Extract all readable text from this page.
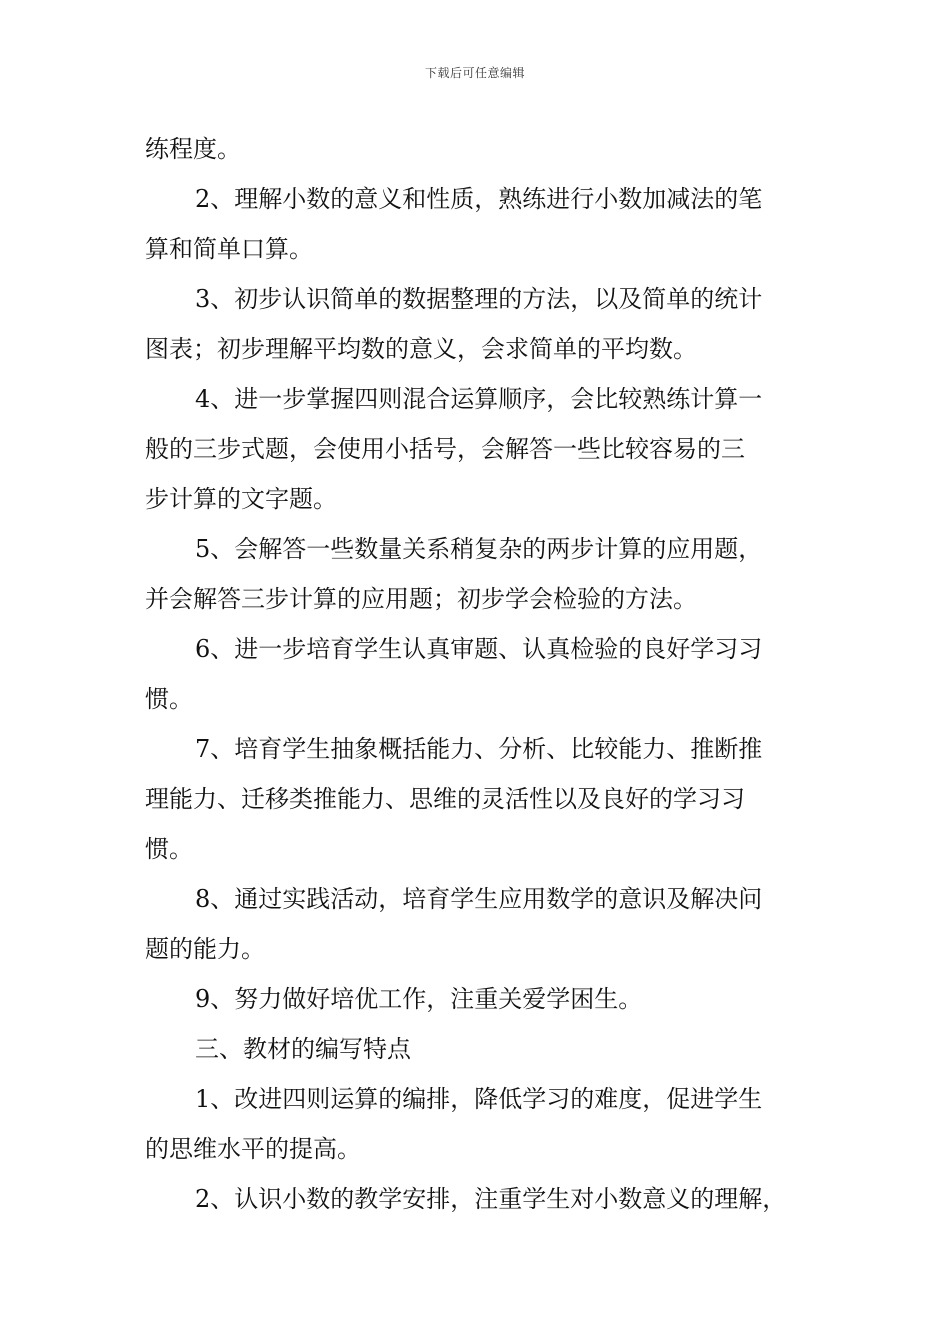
下载后可任意编辑
练程度。
2、理解小数的意义和性质，熟练进行小数加减法的笔
算和简单口算。
3、初步认识简单的数据整理的方法，以及简单的统计
图表；初步理解平均数的意义，会求简单的平均数。
4、进一步掌握四则混合运算顺序，会比较熟练计算一
般的三步式题，会使用小括号，会解答一些比较容易的三
步计算的文字题。
5、会解答一些数量关系稍复杂的两步计算的应用题，
并会解答三步计算的应用题；初步学会检验的方法。
6、进一步培育学生认真审题、认真检验的良好学习习
惯。
7、培育学生抽象概括能力、分析、比较能力、推断推
理能力、迁移类推能力、思维的灵活性以及良好的学习习
惯。
8、通过实践活动，培育学生应用数学的意识及解决问
题的能力。
9、努力做好培优工作，注重关爱学困生。
三、教材的编写特点
1、改进四则运算的编排，降低学习的难度，促进学生
的思维水平的提高。
2、认识小数的教学安排，注重学生对小数意义的理解，
